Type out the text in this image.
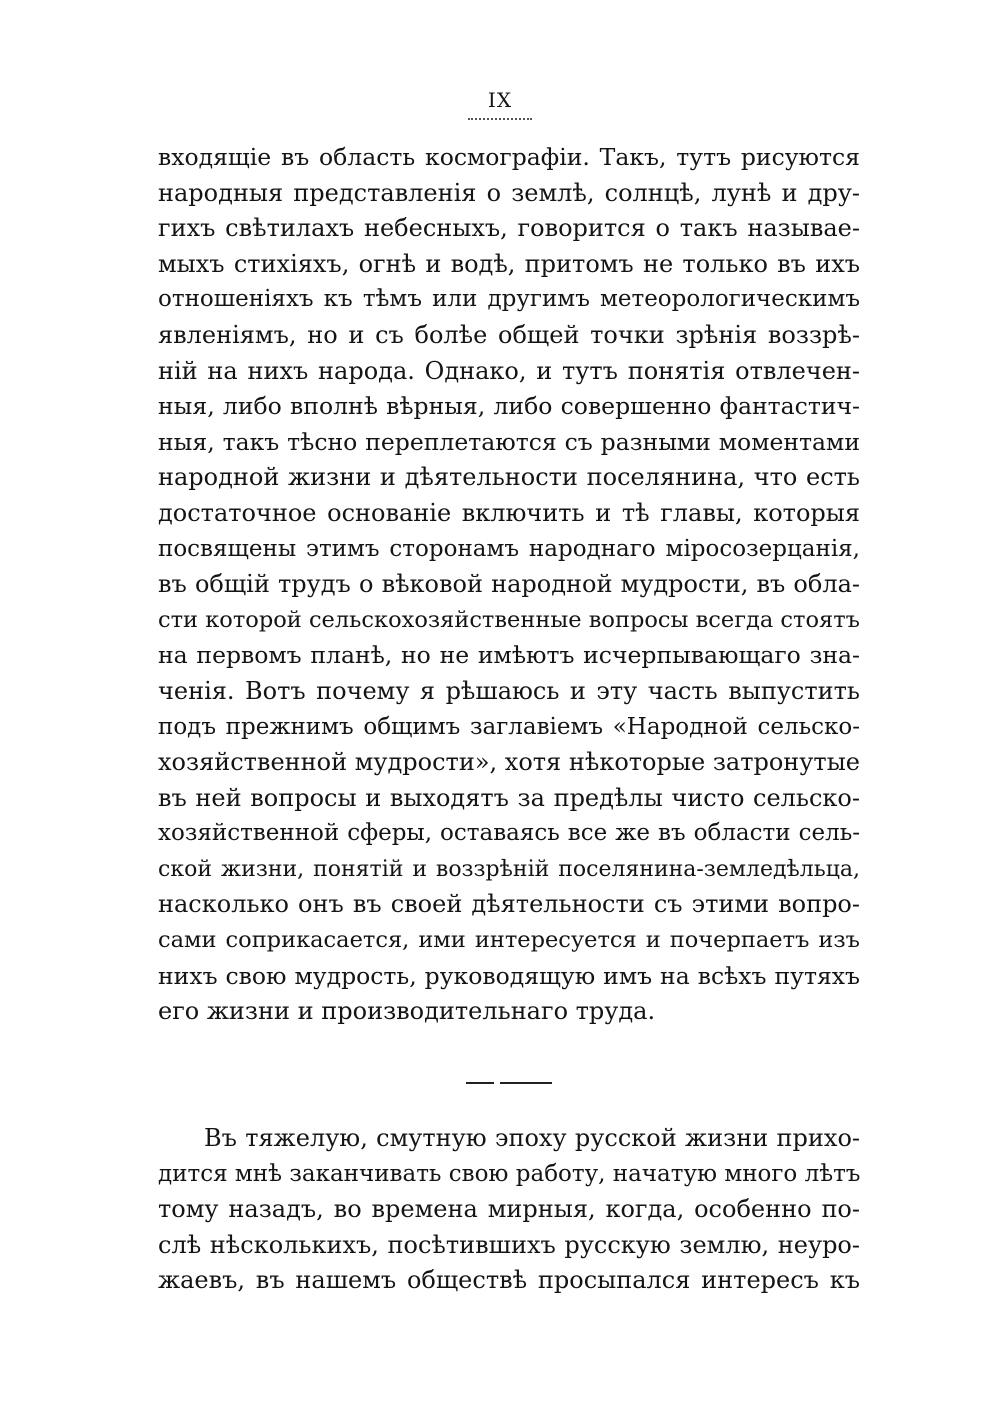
IX
входящіе въ область космографіи. Такъ, тутъ рисуются
народныя представленія о землѣ, солнцѣ, лунѣ и дру-
гихъ свѣтилахъ небесныхъ, говорится о такъ называе-
мыхъ стихіяхъ, огнѣ и водѣ, притомъ не только въ ихъ
отношеніяхъ къ тѣмъ или другимъ метеорологическимъ
явленіямъ, но и съ болѣе общей точки зрѣнія воззрѣ-
ній на нихъ народа. Однако, и тутъ понятія отвлечен-
ныя, либо вполнѣ вѣрныя, либо совершенно фантастич-
ныя, такъ тѣсно переплетаются съ разными моментами
народной жизни и дѣятельности поселянина, что есть
достаточное основаніе включить и тѣ главы, которыя
посвящены этимъ сторонамъ народнаго міросозерцанія,
въ общій трудъ о вѣковой народной мудрости, въ обла-
сти которой сельскохозяйственные вопросы всегда стоятъ
на первомъ планѣ, но не имѣютъ исчерпывающаго зна-
ченія. Вотъ почему я рѣшаюсь и эту часть выпустить
подъ прежнимъ общимъ заглавіемъ «Народной сельско-
хозяйственной мудрости», хотя нѣкоторые затронутые
въ ней вопросы и выходятъ за предѣлы чисто сельско-
хозяйственной сферы, оставаясь все же въ области сель-
ской жизни, понятій и воззрѣній поселянина-земледѣльца,
насколько онъ въ своей дѣятельности съ этими вопро-
сами соприкасается, ими интересуется и почерпаетъ изъ
нихъ свою мудрость, руководящую имъ на всѣхъ путяхъ
его жизни и производительнаго труда.
Въ тяжелую, смутную эпоху русской жизни прихо-
дится мнѣ заканчивать свою работу, начатую много лѣтъ
тому назадъ, во времена мирныя, когда, особенно по-
слѣ нѣсколькихъ, посѣтившихъ русскую землю, неуро-
жаевъ, въ нашемъ обществѣ просыпался интересъ къ
